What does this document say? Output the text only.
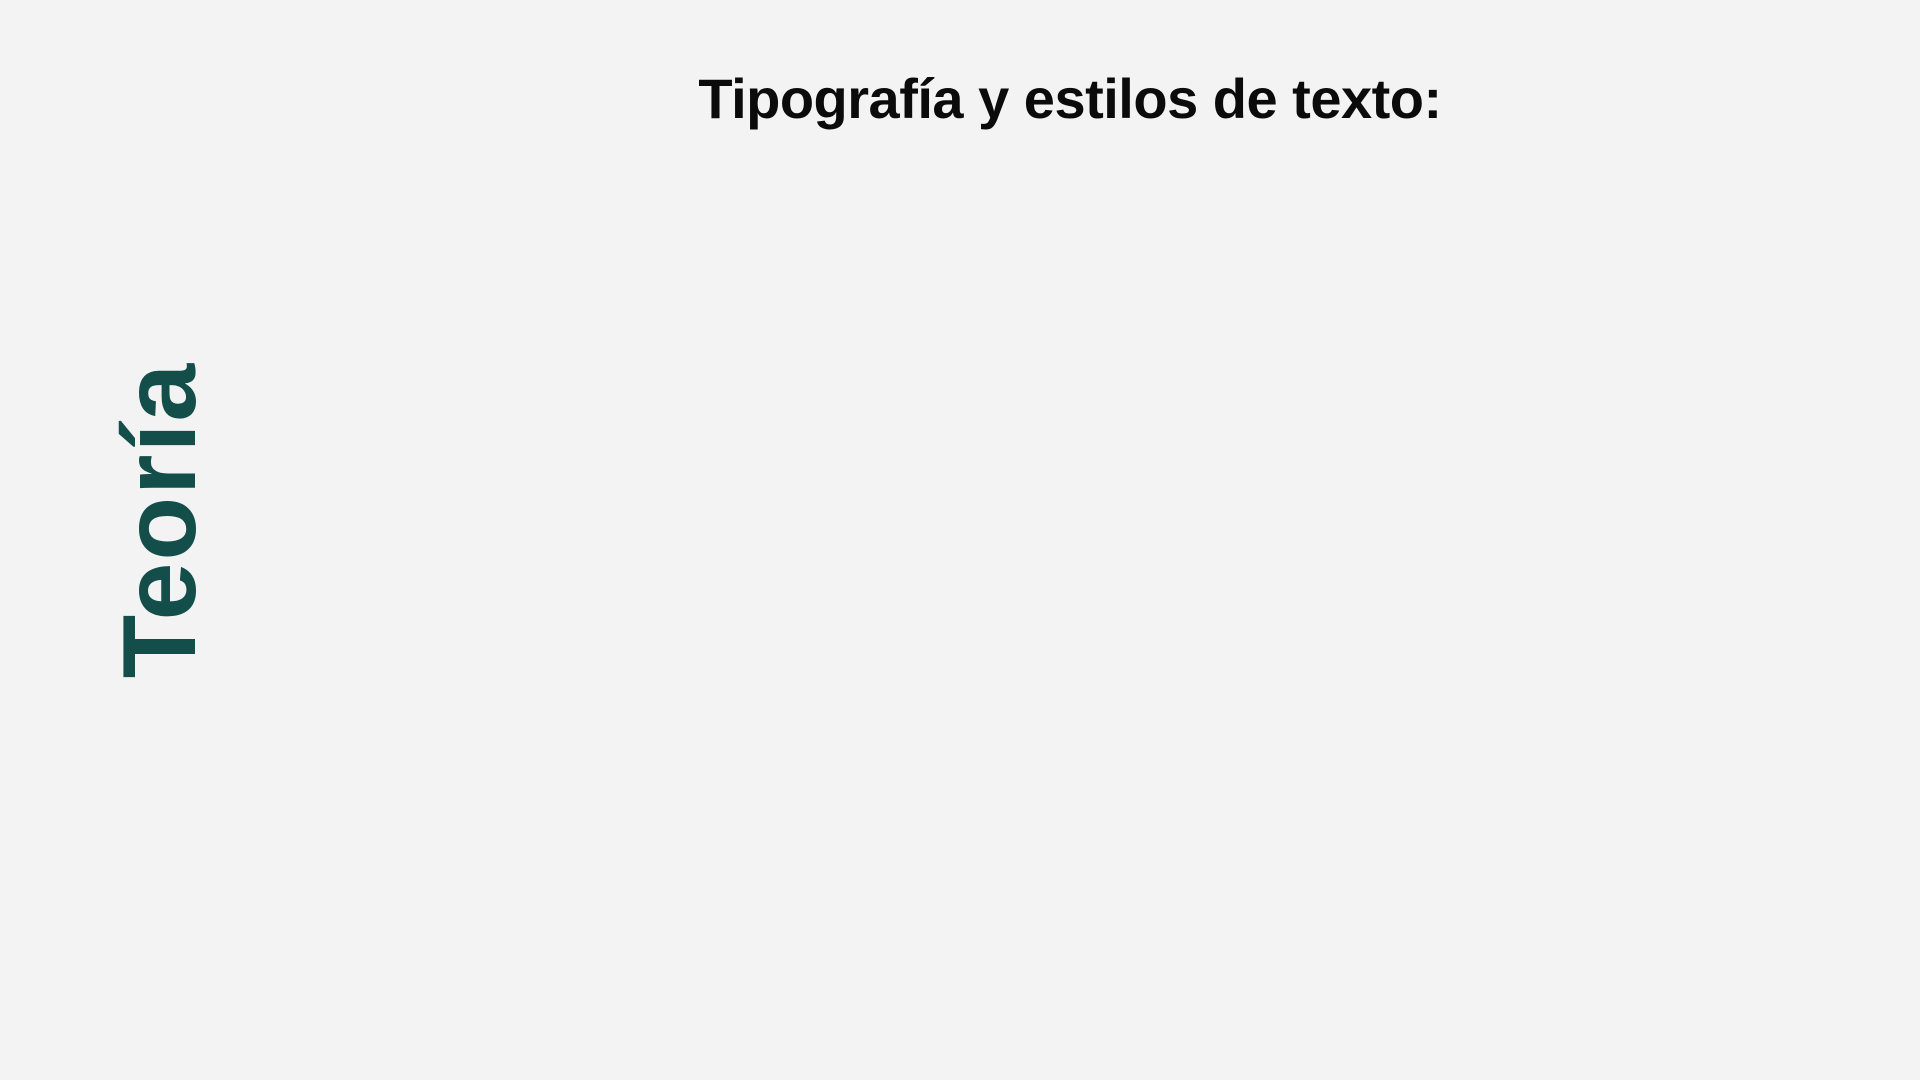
Tipografía y estilos de texto:
Teoría
